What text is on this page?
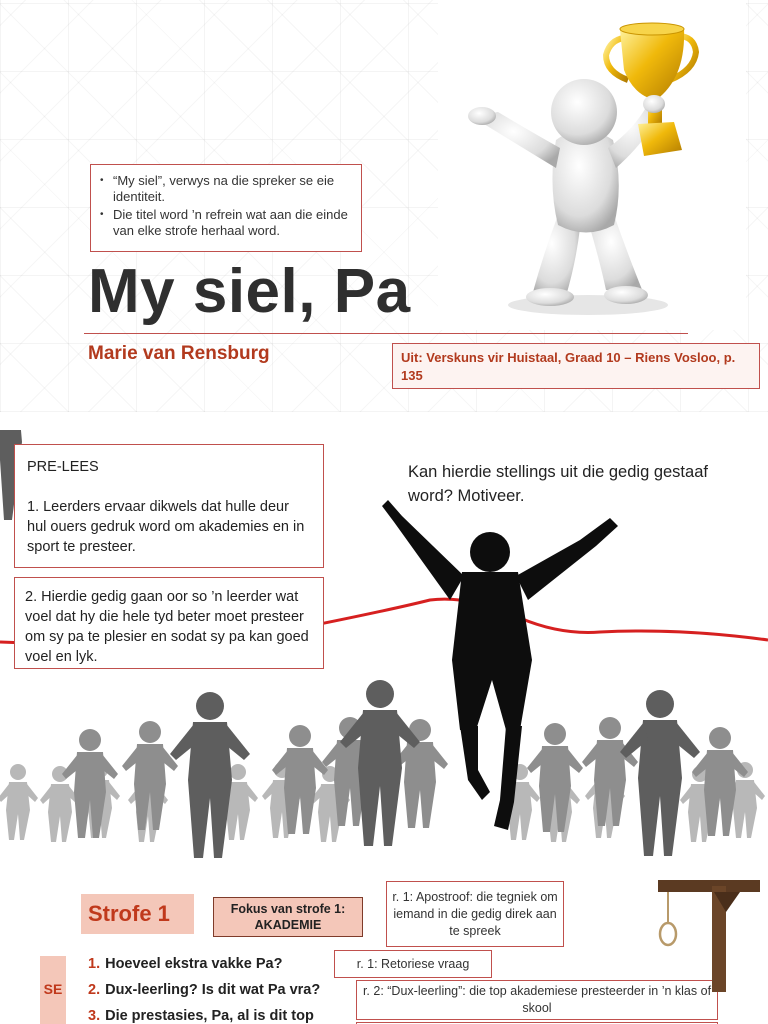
• “My siel”, verwys na die spreker se eie identiteit.
• Die titel word ’n refrein wat aan die einde van elke strofe herhaal word.
My siel, Pa
Marie van Rensburg	Uit: Verskuns vir Huistaal, Graad 10 – Riens Vosloo, p. 135

PRE-LEES

1. Leerders ervaar dikwels dat hulle deur hul ouers gedruk word om akademies en in sport te presteer.

2. Hierdie gedig gaan oor so ’n leerder wat voel dat hy die hele tyd beter moet presteer om sy pa te plesier en sodat sy pa kan goed voel en lyk.
Kan hierdie stellings uit die gedig gestaaf word? Motiveer.
Strofe 1	Fokus van strofe 1: AKADEMIE
r. 1: Apostroof: die tegniek om iemand in die gedig direk aan te spreek
r. 1: Retoriese vraag
r. 2: “Dux-leerling”: die top akademiese presteerder in ’n klas of skool
SE
1. Hoeveel ekstra vakke Pa?
2. Dux-leerling? Is dit wat Pa vra?
3. Die prestasies, Pa, al is dit top
